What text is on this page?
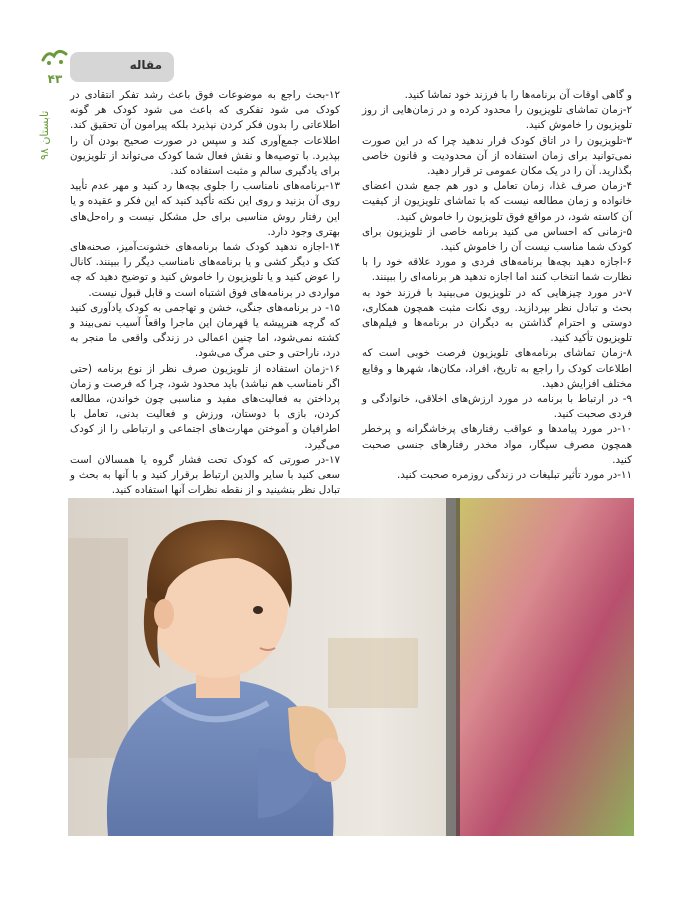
۴۳
تابستان ۹۸
مقاله

و گاهی اوقات آن برنامه‌ها را با فرزند خود تماشا کنید.

۲-زمان تماشای تلویزیون را محدود کرده و در زمان‌هایی از روز تلویزیون را خاموش کنید.

۳-تلویزیون را در اتاق کودک قرار ندهید چرا که در این صورت نمی‌توانید برای زمان استفاده از آن محدودیت و قانون خاصی بگذارید. آن را در یک مکان عمومی تر قرار دهید.

۴-زمان صرف غذا، زمان تعامل و دور هم جمع شدن اعضای خانواده و زمان مطالعه نیست که با تماشای تلویزیون از کیفیت آن کاسته شود، در مواقع فوق تلویزیون را خاموش کنید.

۵-زمانی که احساس می کنید برنامه خاصی از تلویزیون برای کودک شما مناسب نیست آن را خاموش کنید.

۶-اجازه دهید بچه‌ها برنامه‌های فردی و مورد علاقه خود را با نظارت شما انتخاب کنند اما اجازه ندهید هر برنامه‌ای را ببینند.

۷-در مورد چیزهایی که در تلویزیون می‌بینید با فرزند خود به بحث و تبادل نظر بپردازید. روی نکات مثبت همچون همکاری، دوستی و احترام گذاشتن به دیگران در برنامه‌ها و فیلم‌های تلویزیون تأکید کنید.

۸-زمان تماشای برنامه‌های تلویزیون فرصت خوبی است که اطلاعات کودک را راجع به تاریخ، افراد، مکان‌ها، شهرها و وقایع مختلف افزایش دهید.

۹- در ارتباط با برنامه در مورد ارزش‌های اخلاقی، خانوادگی و فردی صحبت کنید.

۱۰-در مورد پیامدها و عواقب رفتارهای پرخاشگرانه و پرخطر همچون مصرف سیگار، مواد مخدر رفتارهای جنسی صحبت کنید.

۱۱-در مورد تأثیر تبلیغات در زندگی روزمره صحبت کنید.

۱۲-بحث راجع به موضوعات فوق باعث رشد تفکر انتقادی در کودک می شود تفکری که باعث می شود کودک هر گونه اطلاعاتی را بدون فکر کردن نپذیرد بلکه پیرامون آن تحقیق کند. اطلاعات جمع‌آوری کند و سپس در صورت صحیح بودن آن را بپذیرد. با توصیه‌ها و نقش فعال شما کودک می‌تواند از تلویزیون برای یادگیری سالم و مثبت استفاده کند.

۱۳-برنامه‌های نامناسب را جلوی بچه‌ها رد کنید و مهر عدم تأیید روی آن بزنید و روی این نکته تأکید کنید که این فکر و عقیده و یا این رفتار روش مناسبی برای حل مشکل نیست و راه‌حل‌های بهتری وجود دارد.

۱۴-اجازه ندهید کودک شما برنامه‌های خشونت‌آمیز، صحنه‌های کتک و دیگر کشی و یا برنامه‌های نامناسب دیگر را ببینند. کانال را عوض کنید و یا تلویزیون را خاموش کنید و توضیح دهید که چه مواردی در برنامه‌های فوق اشتباه است و قابل قبول نیست.

۱۵- در برنامه‌های جنگی، خشن و تهاجمی به کودک یادآوری کنید که گرچه هنرپیشه یا قهرمان این ماجرا واقعاً آسیب نمی‌بیند و کشته نمی‌شود، اما چنین اعمالی در زندگی واقعی ما منجر به درد، ناراحتی و حتی مرگ می‌شود.

۱۶-زمان استفاده از تلویزیون صرف نظر از نوع برنامه (حتی اگر نامناسب هم نباشد) باید محدود شود، چرا که فرصت و زمان پرداختن به فعالیت‌های مفید و مناسبی چون خواندن، مطالعه کردن، بازی با دوستان، ورزش و فعالیت بدنی، تعامل با اطرافیان و آموختن مهارت‌های اجتماعی و ارتباطی را از کودک می‌گیرد.

۱۷-در صورتی که کودک تحت فشار گروه یا همسالان است سعی کنید با سایر والدین ارتباط برقرار کنید و با آنها به بحث و تبادل نظر بنشینید و از نقطه نظرات آنها استفاده کنید.
